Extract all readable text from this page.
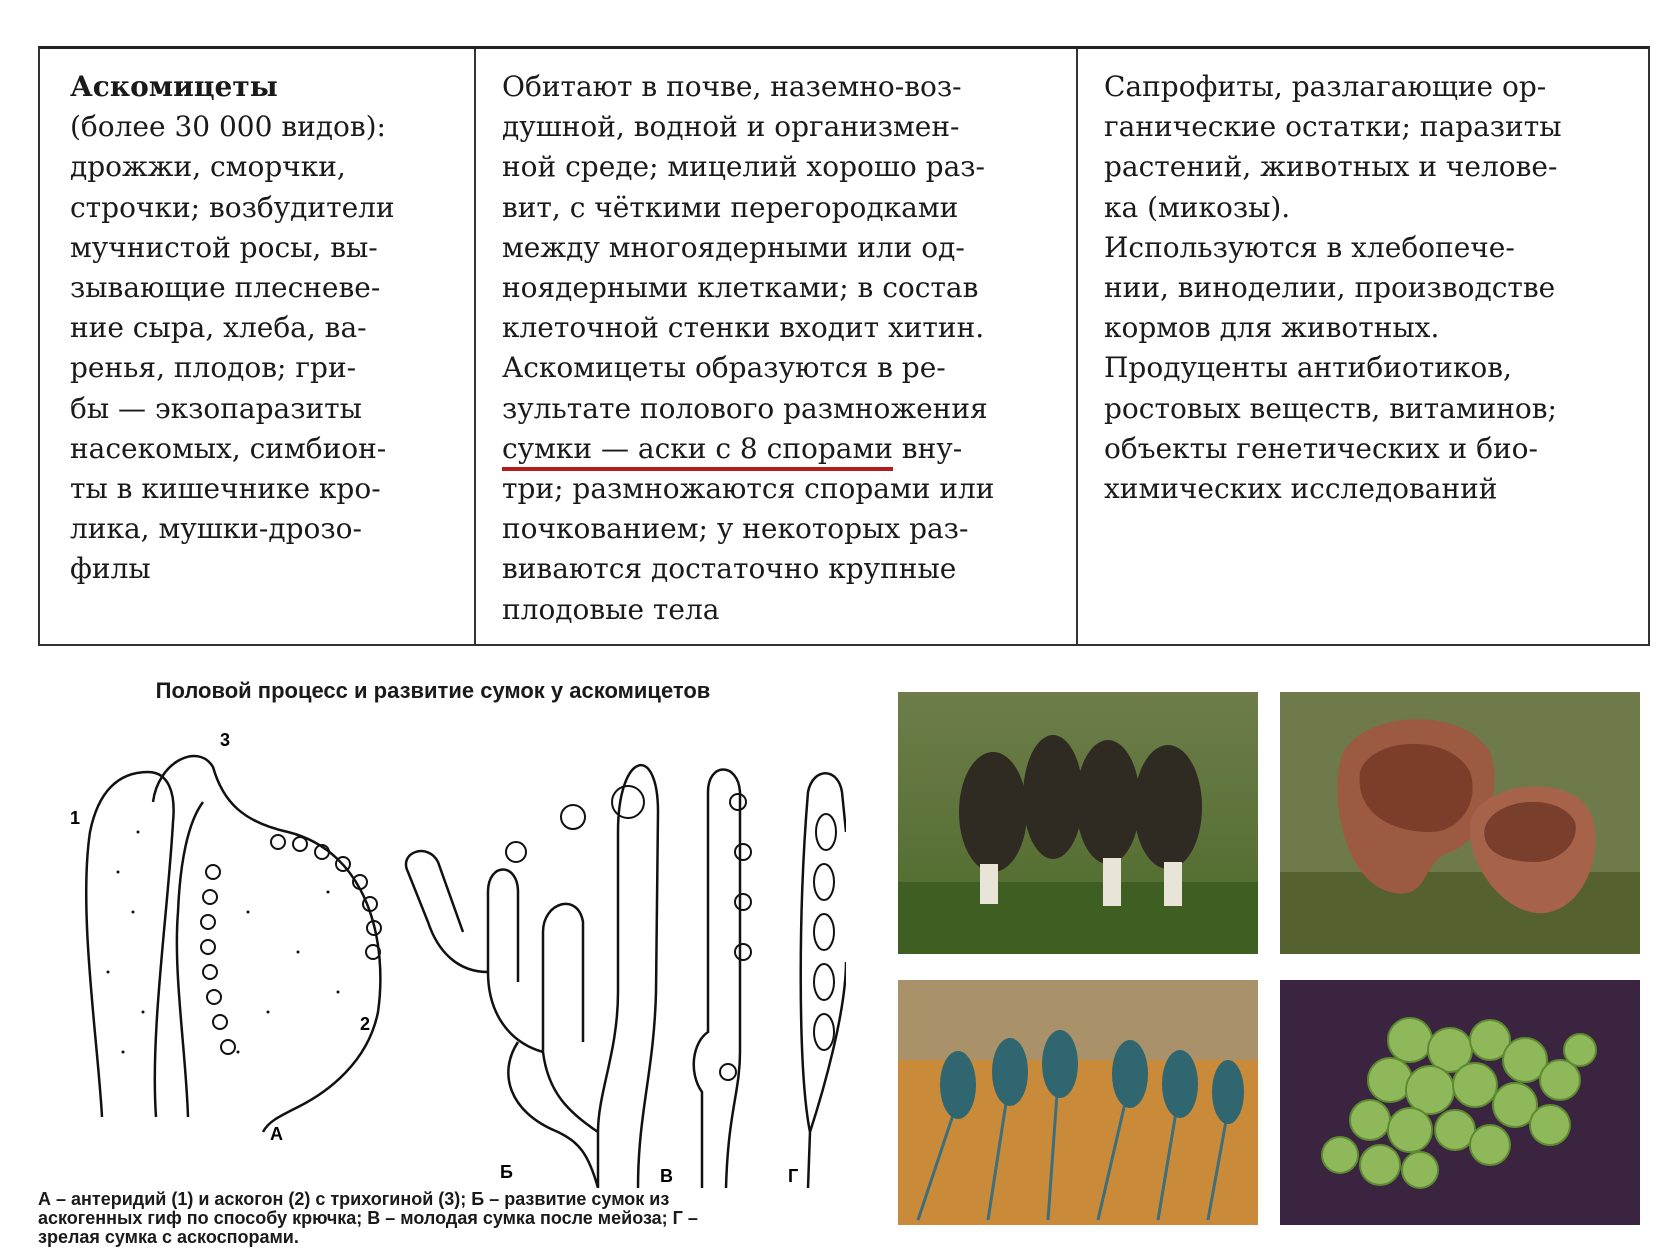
Аскомицеты

(более 30 000 видов):

дрожжи, сморчки,

строчки; возбудители

мучнистой росы, вы-

зывающие плесневе-

ние сыра, хлеба, ва-

ренья, плодов; гри-

бы — экзопаразиты

насекомых, симбион-

ты в кишечнике кро-

лика, мушки-дрозо-

филы

Обитают в почве, наземно-воз-

душной, водной и организмен-

ной среде; мицелий хорошо раз-

вит, с чёткими перегородками

между многоядерными или од-

ноядерными клетками; в состав

клеточной стенки входит хитин.

Аскомицеты образуются в ре-

зультате полового размножения

сумки — аски с 8 спорами вну-

три; размножаются спорами или

почкованием; у некоторых раз-

виваются достаточно крупные

плодовые тела

Сапрофиты, разлагающие ор-

ганические остатки; паразиты

растений, животных и челове-

ка (микозы).

Используются в хлебопече-

нии, виноделии, производстве

кормов для животных.

Продуценты антибиотиков,

ростовых веществ, витаминов;

объекты генетических и био-

химических исследований

Половой процесс и развитие сумок у аскомицетов
1
3
2
А
Б	В	Г
А – антеридий (1) и аскогон (2) с трихогиной (3); Б – развитие сумок из
аскогенных гиф по способу крючка; В – молодая сумка после мейоза; Г –
зрелая сумка с аскоспорами.
